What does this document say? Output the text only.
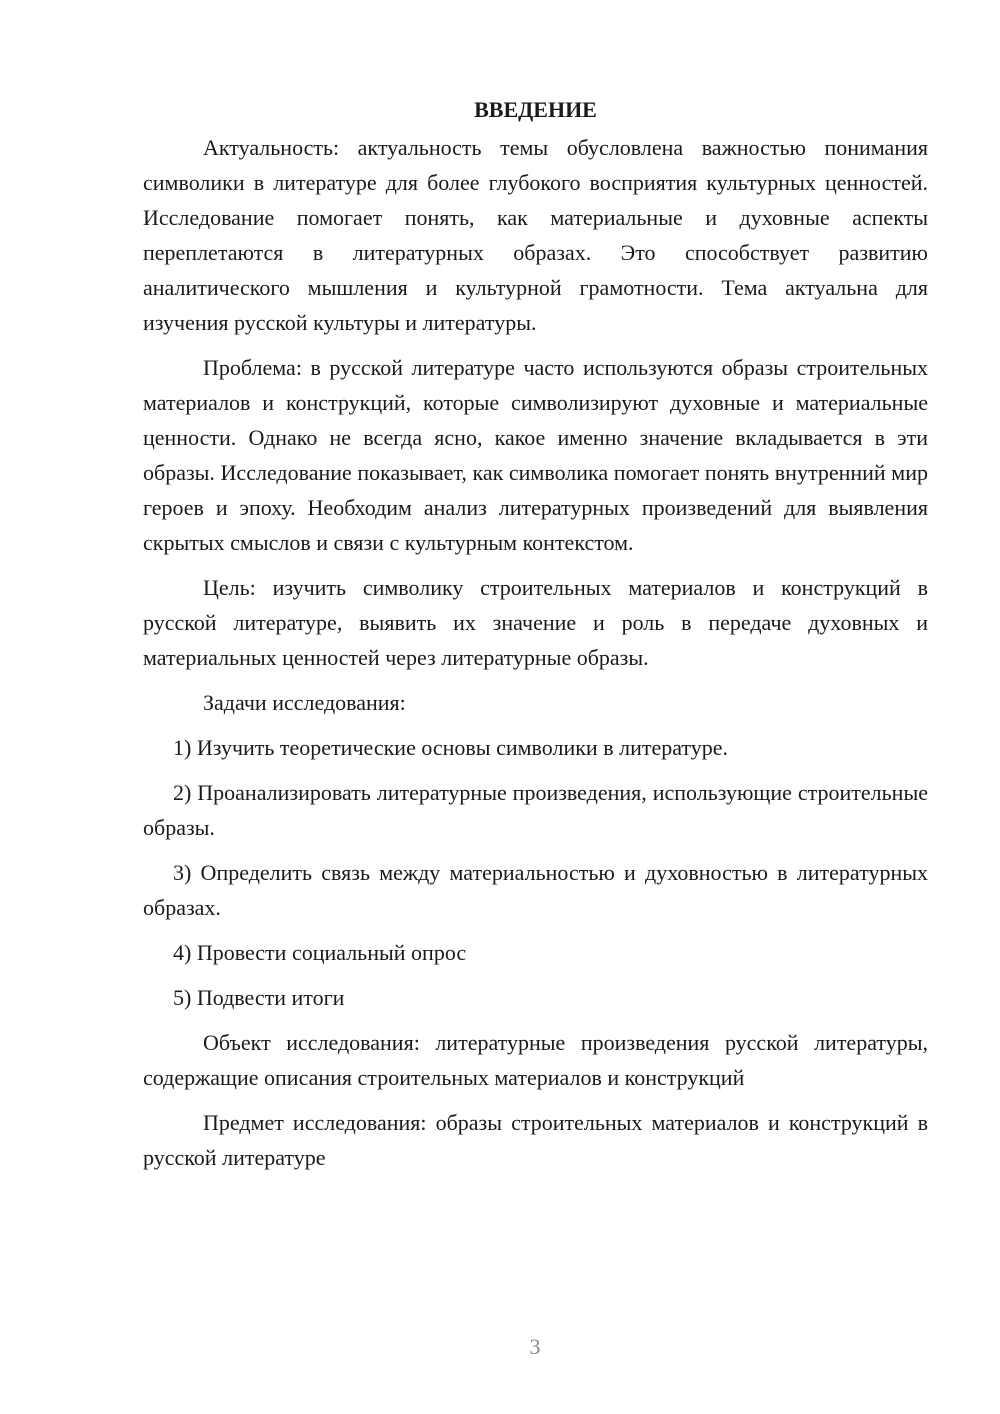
ВВЕДЕНИЕ

Актуальность: актуальность темы обусловлена важностью понимания символики в литературе для более глубокого восприятия культурных ценностей. Исследование помогает понять, как материальные и духовные аспекты переплетаются в литературных образах. Это способствует развитию аналитического мышления и культурной грамотности. Тема актуальна для изучения русской культуры и литературы.

Проблема: в русской литературе часто используются образы строительных материалов и конструкций, которые символизируют духовные и материальные ценности. Однако не всегда ясно, какое именно значение вкладывается в эти образы. Исследование показывает, как символика помогает понять внутренний мир героев и эпоху. Необходим анализ литературных произведений для выявления скрытых смыслов и связи с культурным контекстом.

Цель: изучить символику строительных материалов и конструкций в русской литературе, выявить их значение и роль в передаче духовных и материальных ценностей через литературные образы.

Задачи исследования:

1) Изучить теоретические основы символики в литературе.

2) Проанализировать литературные произведения, использующие строительные образы.

3) Определить связь между материальностью и духовностью в литературных образах.

4) Провести социальный опрос

5) Подвести итоги

Объект исследования: литературные произведения русской литературы, содержащие описания строительных материалов и конструкций

Предмет исследования: образы строительных материалов и конструкций в русской литературе

3
